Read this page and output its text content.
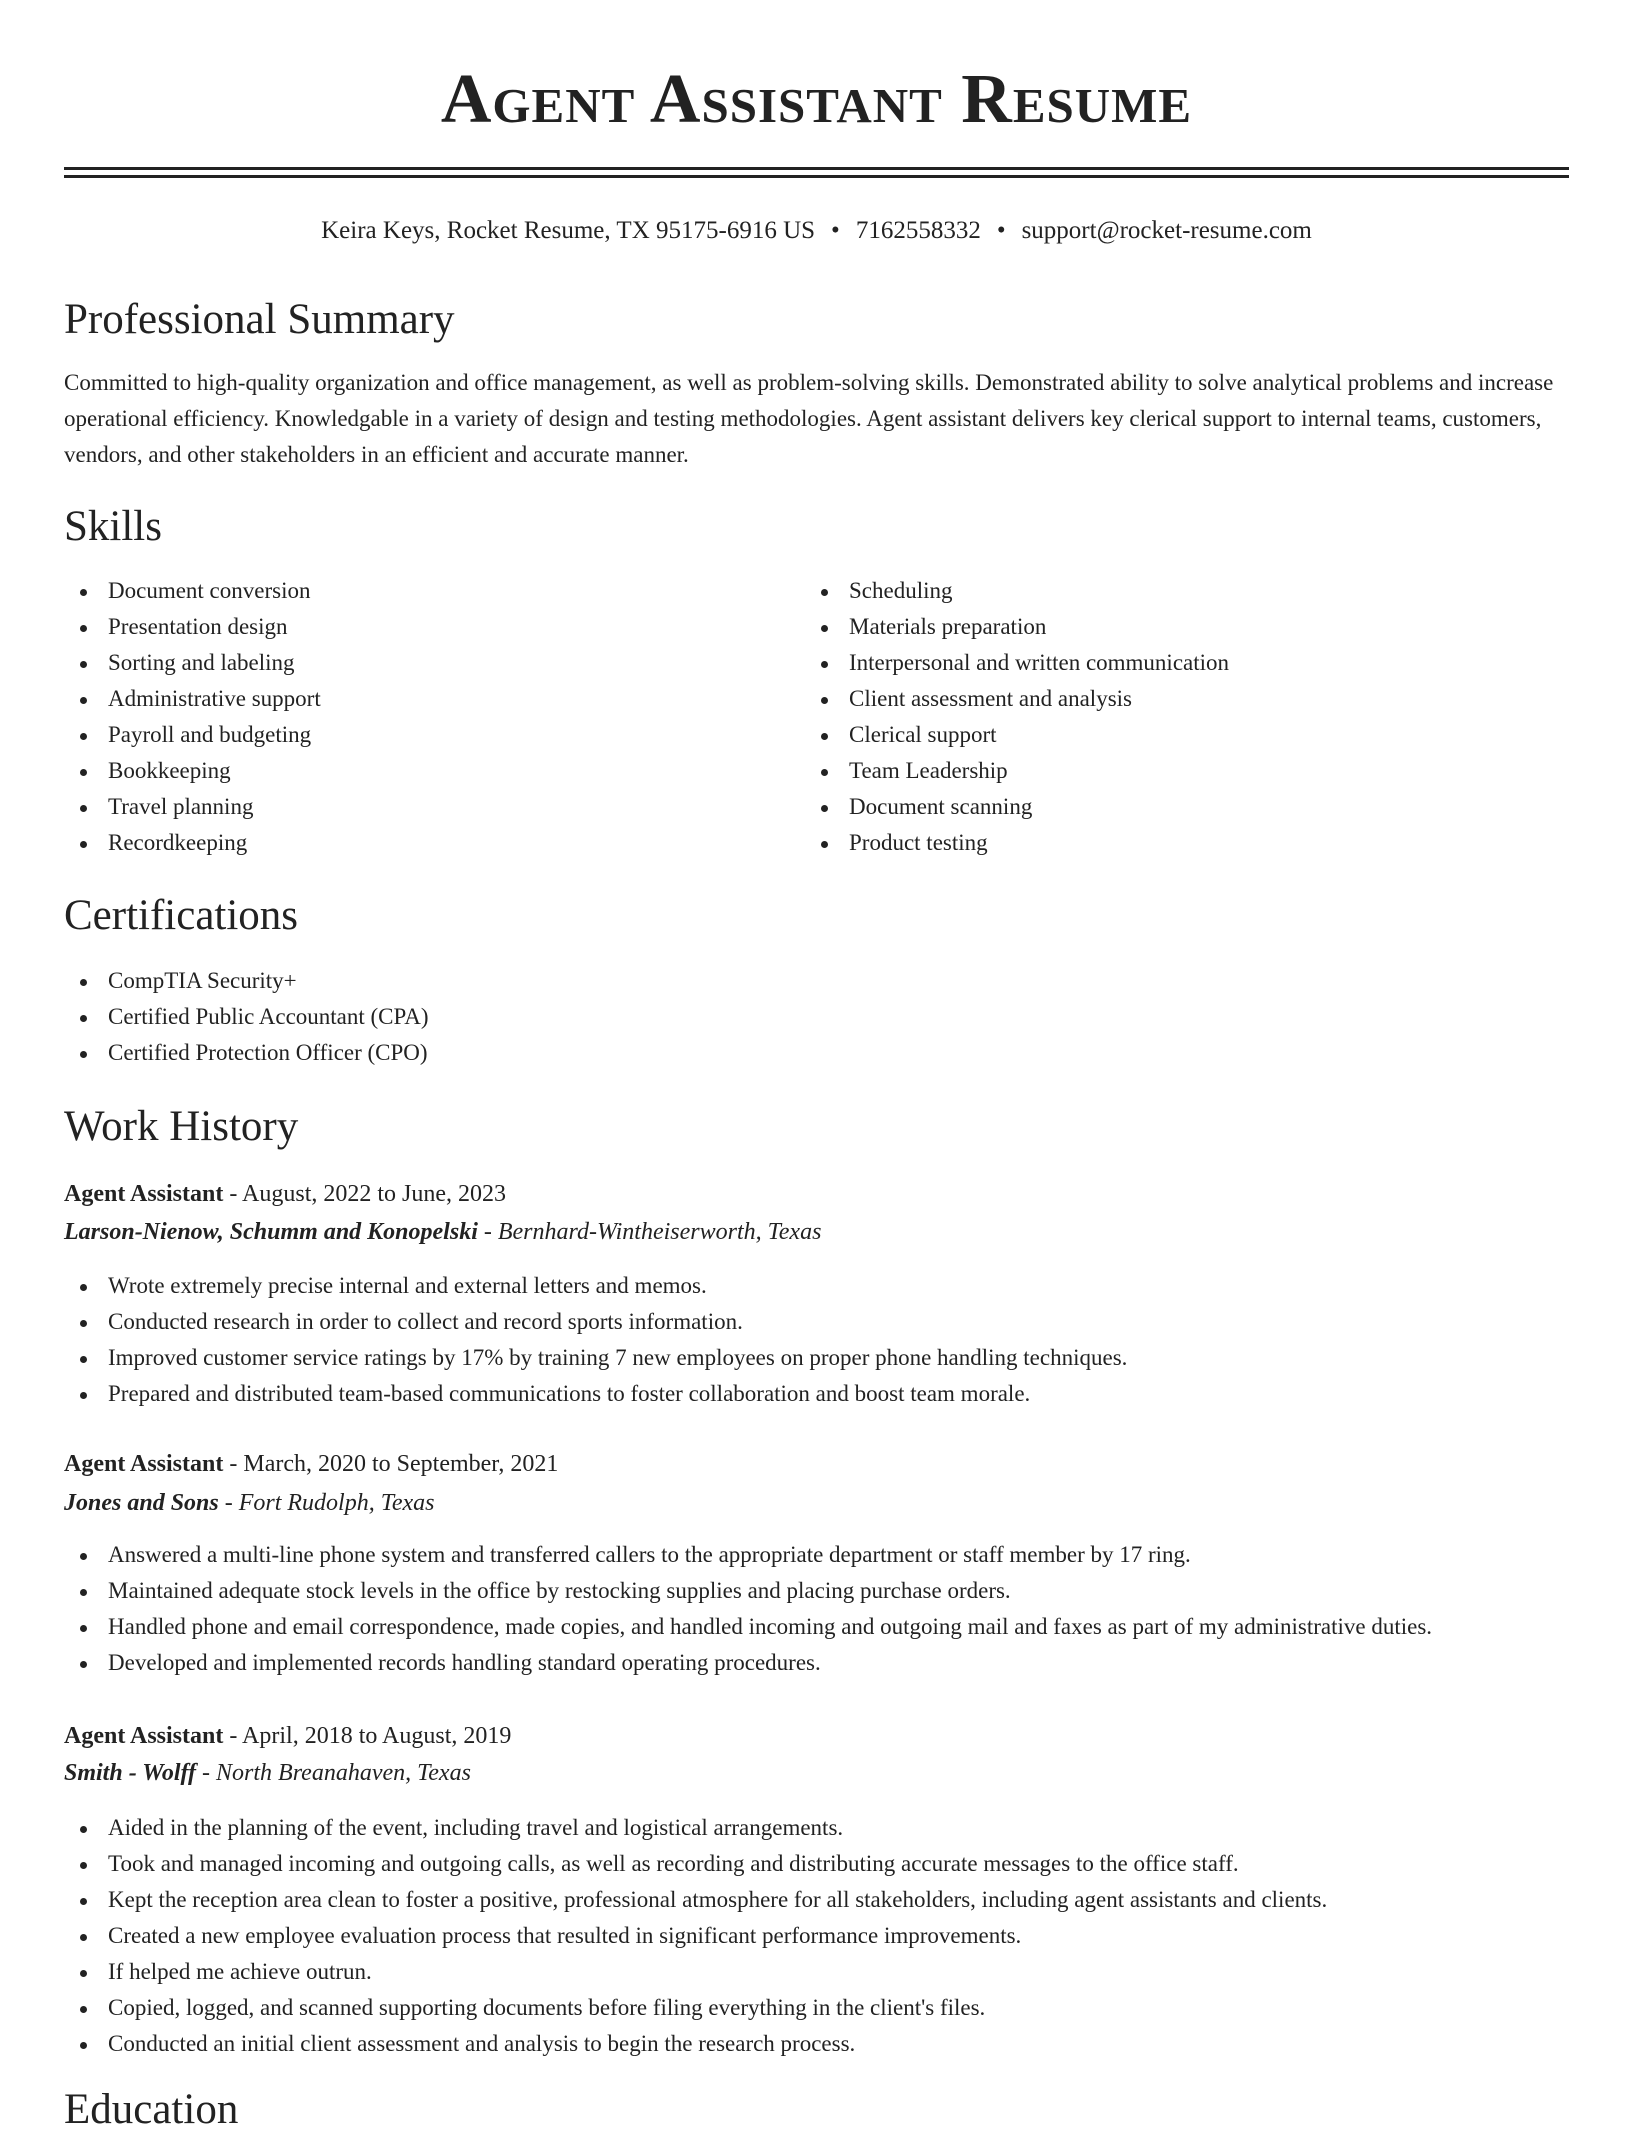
Agent Assistant Resume
Keira Keys, Rocket Resume, TX 95175-6916 US • 7162558332 • support@rocket-resume.com
Professional Summary

Committed to high-quality organization and office management, as well as problem-solving skills. Demonstrated ability to solve analytical problems and increase operational efficiency. Knowledgable in a variety of design and testing methodologies. Agent assistant delivers key clerical support to internal teams, customers, vendors, and other stakeholders in an efficient and accurate manner.

Skills
Document conversion
Presentation design
Sorting and labeling
Administrative support
Payroll and budgeting
Bookkeeping
Travel planning
Recordkeeping
Scheduling
Materials preparation
Interpersonal and written communication
Client assessment and analysis
Clerical support
Team Leadership
Document scanning
Product testing
Certifications
CompTIA Security+
Certified Public Accountant (CPA)
Certified Protection Officer (CPO)
Work History

Agent Assistant - August, 2022 to June, 2023

Larson-Nienow, Schumm and Konopelski - Bernhard-Wintheiserworth, Texas

Wrote extremely precise internal and external letters and memos.
Conducted research in order to collect and record sports information.
Improved customer service ratings by 17% by training 7 new employees on proper phone handling techniques.
Prepared and distributed team-based communications to foster collaboration and boost team morale.

Agent Assistant - March, 2020 to September, 2021

Jones and Sons - Fort Rudolph, Texas

Answered a multi-line phone system and transferred callers to the appropriate department or staff member by 17 ring.
Maintained adequate stock levels in the office by restocking supplies and placing purchase orders.
Handled phone and email correspondence, made copies, and handled incoming and outgoing mail and faxes as part of my administrative duties.
Developed and implemented records handling standard operating procedures.

Agent Assistant - April, 2018 to August, 2019

Smith - Wolff - North Breanahaven, Texas

Aided in the planning of the event, including travel and logistical arrangements.
Took and managed incoming and outgoing calls, as well as recording and distributing accurate messages to the office staff.
Kept the reception area clean to foster a positive, professional atmosphere for all stakeholders, including agent assistants and clients.
Created a new employee evaluation process that resulted in significant performance improvements.
If helped me achieve outrun.
Copied, logged, and scanned supporting documents before filing everything in the client's files.
Conducted an initial client assessment and analysis to begin the research process.
Education
